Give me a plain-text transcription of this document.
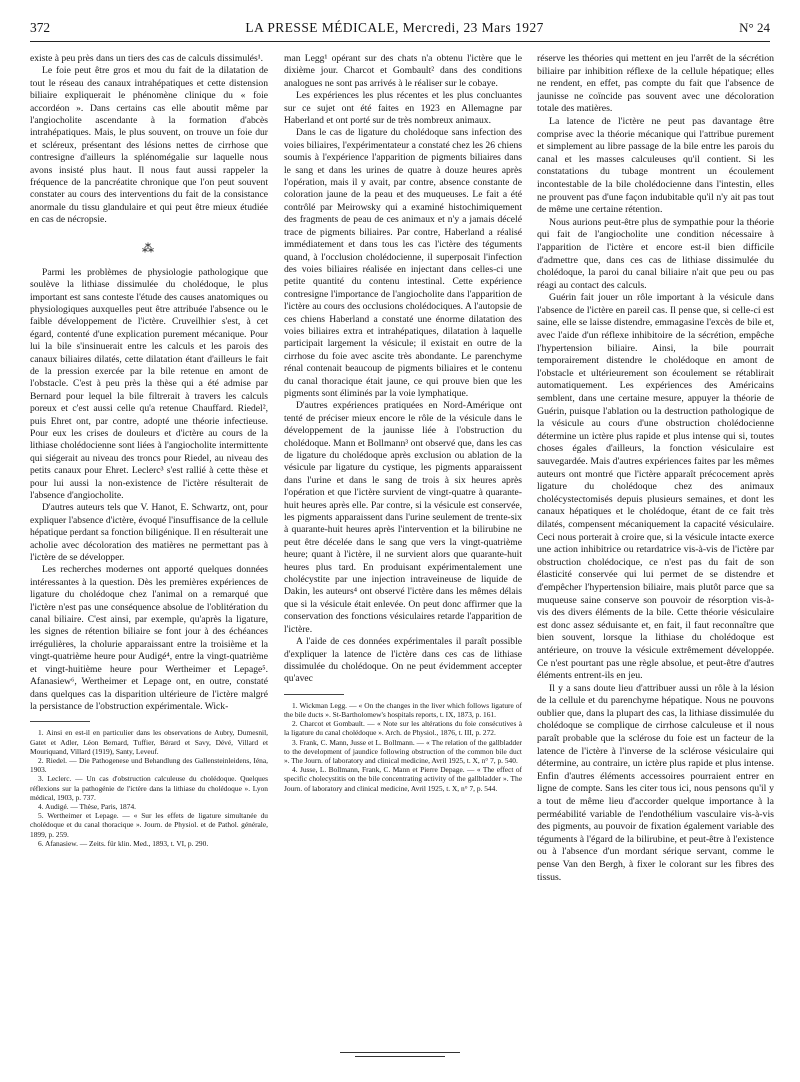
372	LA PRESSE MÉDICALE, Mercredi, 23 Mars 1927	N° 24

existe à peu près dans un tiers des cas de calculs dissimulés¹.

Le foie peut être gros et mou du fait de la dilatation de tout le réseau des canaux intrahépatiques et cette distension biliaire expliquerait le phénomène clinique du « foie accordéon ». Dans certains cas elle aboutit même par l'angiocholite ascendante à la formation d'abcès intrahépatiques. Mais, le plus souvent, on trouve un foie dur et scléreux, présentant des lésions nettes de cirrhose que contresigne d'ailleurs la splénomégalie sur laquelle nous avons insisté plus haut. Il nous faut aussi rappeler la fréquence de la pancréatite chronique que l'on peut souvent constater au cours des interventions du fait de la consistance anormale du tissu glandulaire et qui peut être mieux étudiée en cas de nécropsie.

⁂

Parmi les problèmes de physiologie pathologique que soulève la lithiase dissimulée du cholédoque, le plus important est sans conteste l'étude des causes anatomiques ou physiologiques auxquelles peut être attribuée l'absence ou le faible développement de l'ictère. Cruveilhier s'est, à cet égard, contenté d'une explication purement mécanique. Pour lui la bile s'insinuerait entre les calculs et les parois des canaux biliaires dilatés, cette dilatation étant d'ailleurs le fait de la pression exercée par la bile retenue en amont de l'obstacle. C'est à peu près la thèse qui a été admise par Bernard pour lequel la bile filtrerait à travers les calculs poreux et c'est aussi celle qu'a retenue Chauffard. Riedel², puis Ehret ont, par contre, adopté une théorie infectieuse. Pour eux les crises de douleurs et d'ictère au cours de la lithiase cholédocienne sont liées à l'angiocholite intermittente qui siégerait au niveau des troncs pour Riedel, au niveau des petits canaux pour Ehret. Leclerc³ s'est rallié à cette thèse et pour lui aussi la non-existence de l'ictère résulterait de l'absence d'angiocholite.

D'autres auteurs tels que V. Hanot, E. Schwartz, ont, pour expliquer l'absence d'ictère, évoqué l'insuffisance de la cellule hépatique perdant sa fonction biligénique. Il en résulterait une acholie avec décoloration des matières ne permettant pas à l'ictère de se développer.

Les recherches modernes ont apporté quelques données intéressantes à la question. Dès les premières expériences de ligature du cholédoque chez l'animal on a remarqué que l'ictère n'est pas une conséquence absolue de l'oblitération du canal biliaire. C'est ainsi, par exemple, qu'après la ligature, les signes de rétention biliaire se font jour à des échéances irrégulières, la cholurie apparaissant entre la troisième et la vingt-quatrième heure pour Audigé⁴, entre la vingt-quatrième et vingt-huitième heure pour Wertheimer et Lepage⁵. Afanasiew⁶, Wertheimer et Lepage ont, en outre, constaté dans quelques cas la disparition ultérieure de l'ictère malgré la persistance de l'obstruction expérimentale. Wick-

1. Ainsi en est-il en particulier dans les observations de Aubry, Dumesnil, Gatet et Adler, Léon Bernard, Tuffier, Bérard et Savy, Dévé, Villard et Mouriquand, Villard (1919), Santy, Leveuf.

2. Riedel. — Die Pathogenese und Behandlung des Gallensteinleidens, Iéna, 1903.

3. Leclerc. — Un cas d'obstruction calculeuse du cholédoque. Quelques réflexions sur la pathogénie de l'ictère dans la lithiase du cholédoque ». Lyon médical, 1903, p. 737.

4. Audigé. — Thèse, Paris, 1874.

5. Wertheimer et Lepage. — « Sur les effets de ligature simultanée du cholédoque et du canal thoracique ». Journ. de Physiol. et de Pathol. générale, 1899, p. 259.

6. Afanasiew. — Zeits. für klin. Med., 1893, t. VI, p. 290.

man Legg¹ opérant sur des chats n'a obtenu l'ictère que le dixième jour. Charcot et Gombault² dans des conditions analogues ne sont pas arrivés à le réaliser sur le cobaye.

Les expériences les plus récentes et les plus concluantes sur ce sujet ont été faites en 1923 en Allemagne par Haberland et ont porté sur de très nombreux animaux.

Dans le cas de ligature du cholédoque sans infection des voies biliaires, l'expérimentateur a constaté chez les 26 chiens soumis à l'expérience l'apparition de pigments biliaires dans le sang et dans les urines de quatre à douze heures après l'opération, mais il y avait, par contre, absence constante de coloration jaune de la peau et des muqueuses. Le fait a été contrôlé par Meirowsky qui a examiné histochimiquement des fragments de peau de ces animaux et n'y a jamais décelé trace de pigments biliaires. Par contre, Haberland a réalisé immédiatement et dans tous les cas l'ictère des téguments quand, à l'occlusion cholédocienne, il superposait l'infection des voies biliaires réalisée en injectant dans celles-ci une petite quantité du contenu intestinal. Cette expérience contresigne l'importance de l'angiocholite dans l'apparition de l'ictère au cours des occlusions cholédociques. A l'autopsie de ces chiens Haberland a constaté une énorme dilatation des voies biliaires extra et intrahépatiques, dilatation à laquelle participait largement la vésicule; il existait en outre de la cirrhose du foie avec ascite très abondante. Le parenchyme rénal contenait beaucoup de pigments biliaires et le contenu du canal thoracique était jaune, ce qui prouve bien que les pigments sont éliminés par la voie lymphatique.

D'autres expériences pratiquées en Nord-Amérique ont tenté de préciser mieux encore le rôle de la vésicule dans le développement de la jaunisse liée à l'obstruction du cholédoque. Mann et Bollmann³ ont observé que, dans les cas de ligature du cholédoque après exclusion ou ablation de la vésicule par ligature du cystique, les pigments apparaissent dans l'urine et dans le sang de trois à six heures après l'opération et que l'ictère survient de vingt-quatre à quarante-huit heures après elle. Par contre, si la vésicule est conservée, les pigments apparaissent dans l'urine seulement de trente-six à quarante-huit heures après l'intervention et la bilirubine ne peut être décelée dans le sang que vers la vingt-quatrième heure; quant à l'ictère, il ne survient alors que quarante-huit heures plus tard. En produisant expérimentalement une cholécystite par une injection intraveineuse de liquide de Dakin, les auteurs⁴ ont observé l'ictère dans les mêmes délais que si la vésicule était enlevée. On peut donc affirmer que la conservation des fonctions vésiculaires retarde l'apparition de l'ictère.

A l'aide de ces données expérimentales il paraît possible d'expliquer la latence de l'ictère dans ces cas de lithiase dissimulée du cholédoque. On ne peut évidemment accepter qu'avec

1. Wickman Legg. — « On the changes in the liver which follows ligature of the bile ducts ». St-Bartholomew's hospitals reports, t. IX, 1873, p. 161.

2. Charcot et Gombault. — « Note sur les altérations du foie consécutives à la ligature du canal cholédoque ». Arch. de Physiol., 1876, t. III, p. 272.

3. Frank, C. Mann, Jusse et L. Bollmann. — « The relation of the gallbladder to the development of jaundice following obstruction of the common bile duct ». The Journ. of laboratory and clinical medicine, Avril 1925, t. X, n° 7, p. 540.

4. Jusse, L. Bollmann, Frank, C. Mann et Pierre Depage. — « The effect of specific cholecystitis on the bile concentrating activity of the gallbladder ». The Journ. of laboratory and clinical medicine, Avril 1925, t. X, n° 7, p. 544.

réserve les théories qui mettent en jeu l'arrêt de la sécrétion biliaire par inhibition réflexe de la cellule hépatique; elles ne rendent, en effet, pas compte du fait que l'absence de jaunisse ne coïncide pas souvent avec une décoloration totale des matières.

La latence de l'ictère ne peut pas davantage être comprise avec la théorie mécanique qui l'attribue purement et simplement au libre passage de la bile entre les parois du canal et les masses calculeuses qu'il contient. Si les constatations du tubage montrent un écoulement incontestable de la bile cholédocienne dans l'intestin, elles ne prouvent pas d'une façon indubitable qu'il n'y ait pas tout de même une certaine rétention.

Nous aurions peut-être plus de sympathie pour la théorie qui fait de l'angiocholite une condition nécessaire à l'apparition de l'ictère et encore est-il bien difficile d'admettre que, dans ces cas de lithiase dissimulée du cholédoque, la paroi du canal biliaire n'ait que peu ou pas réagi au contact des calculs.

Guérin fait jouer un rôle important à la vésicule dans l'absence de l'ictère en pareil cas. Il pense que, si celle-ci est saine, elle se laisse distendre, emmagasine l'excès de bile et, avec l'aide d'un réflexe inhibitoire de la sécrétion, empêche l'hypertension biliaire. Ainsi, la bile pourrait temporairement distendre le cholédoque en amont de l'obstacle et ultérieurement son écoulement se rétablirait automatiquement. Les expériences des Américains semblent, dans une certaine mesure, appuyer la théorie de Guérin, puisque l'ablation ou la destruction pathologique de la vésicule au cours d'une obstruction cholédocienne détermine un ictère plus rapide et plus intense qui si, toutes choses égales d'ailleurs, la fonction vésiculaire est sauvegardée. Mais d'autres expériences faites par les mêmes auteurs ont montré que l'ictère apparaît précocement après ligature du cholédoque chez des animaux cholécystectomisés depuis plusieurs semaines, et dont les canaux hépatiques et le cholédoque, étant de ce fait très dilatés, compensent mécaniquement la capacité vésiculaire. Ceci nous porterait à croire que, si la vésicule intacte exerce une action inhibitrice ou retardatrice vis-à-vis de l'ictère par obstruction cholédocique, ce n'est pas du fait de son élasticité conservée qui lui permet de se distendre et d'empêcher l'hypertension biliaire, mais plutôt parce que sa muqueuse saine conserve son pouvoir de résorption vis-à-vis des divers éléments de la bile. Cette théorie vésiculaire est donc assez séduisante et, en fait, il faut reconnaître que bien souvent, lorsque la lithiase du cholédoque est antérieure, on trouve la vésicule extrêmement développée. Ce n'est pourtant pas une règle absolue, et peut-être d'autres éléments entrent-ils en jeu.

Il y a sans doute lieu d'attribuer aussi un rôle à la lésion de la cellule et du parenchyme hépatique. Nous ne pouvons oublier que, dans la plupart des cas, la lithiase dissimulée du cholédoque se complique de cirrhose calculeuse et il nous paraît probable que la sclérose du foie est un facteur de la latence de l'ictère à l'inverse de la sclérose vésiculaire qui détermine, au contraire, un ictère plus rapide et plus intense. Enfin d'autres éléments accessoires pourraient entrer en ligne de compte. Sans les citer tous ici, nous pensons qu'il y a tout de même lieu d'accorder quelque importance à la perméabilité variable de l'endothélium vasculaire vis-à-vis des pigments, au pouvoir de fixation également variable des téguments à l'égard de la bilirubine, et peut-être à l'existence ou à l'absence d'un mordant sérique servant, comme le pense Van den Bergh, à fixer le colorant sur les fibres des tissus.
